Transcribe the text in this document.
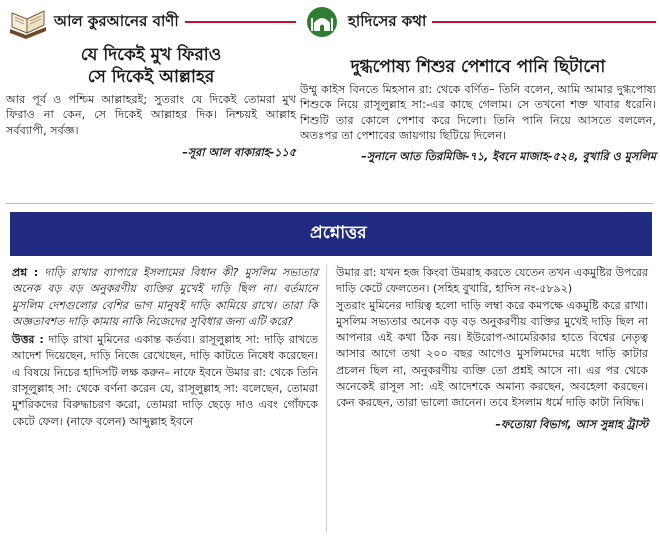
আল কুরআনের বাণী
যে দিকেই মুখ ফিরাও
সে দিকেই আল্লাহর

আর পূর্ব ও পশ্চিম আল্লাহরই; সুতরাং যে দিকেই তোমরা মুখ ফিরাও না কেন, সে দিকেই আল্লাহর দিক। নিশ্চয়ই আল্লাহ সর্বব্যাপী, সর্বজ্ঞ।

–সূরা আল বাকারাহ-১১৫

হাদিসের কথা
দুগ্ধপোষ্য শিশুর পেশাবে পানি ছিটানো

উম্মু কাইস বিনতে মিহসান রা: থেকে বর্ণিত– তিনি বলেন, আমি আমার দুগ্ধপোষ্য শিশুকে নিয়ে রাসূলুল্লাহ সা:-এর কাছে গেলাম। সে তখনো শক্ত খাবার ধরেনি। শিশুটি তার কোলে পেশাব করে দিলো। তিনি পানি নিয়ে আসতে বললেন, অতঃপর তা পেশাবের জায়গায় ছিটিয়ে দিলেন।

–সুনানে আত তিরমিজি-৭১, ইবনে মাজাহ-৫২৪, বুখারি ও মুসলিম

প্রশ্নোত্তর

প্রশ্ন : দাড়ি রাখার ব্যাপারে ইসলামের বিধান কী? মুসলিম সভ্যতার অনেক বড় বড় অনুকরণীয় ব্যক্তির মুখেই দাড়ি ছিল না। বর্তমানে মুসলিম দেশগুলোর বেশির ভাগ মানুষই দাড়ি কামিয়ে রাখে। তারা কি অজ্ঞতাবশত দাড়ি কামায় নাকি নিজেদের সুবিধার জন্য এটি করে?

উত্তর : দাড়ি রাখা মুমিনের একান্ত কর্তব্য। রাসূলুল্লাহ সা: দাড়ি রাখতে আদেশ দিয়েছেন, দাড়ি নিজে রেখেছেন, দাড়ি কাটতে নিষেধ করেছেন। এ বিষয়ে নিচের হাদিসটি লক্ষ করুন– নাফে ইবনে উমার রা: থেকে তিনি রাসূলুল্লাহ সা: থেকে বর্ণনা করেন যে, রাসূলুল্লাহ সা: বলেছেন, তোমরা মুশরিকদের বিরুদ্ধাচরণ করো, তোমরা দাড়ি ছেড়ে দাও এবং গোঁফকে কেটে ফেল। (নাফে বলেন) আব্দুল্লাহ ইবনে

উমার রা: যখন হজ কিংবা উমরাহ করতে যেতেন তখন একমুষ্টির উপরের দাড়ি কেটে ফেলতেন। (সহিহ বুখারি, হাদিস নং-৫৮৯২)

সুতরাং মুমিনের দায়িত্ব হলো দাড়ি লম্বা করে কমপক্ষে একমুষ্টি করে রাখা। মুসলিম সভ্যতার অনেক বড় বড় অনুকরণীয় ব্যক্তির মুখেই দাড়ি ছিল না আপনার এই কথা ঠিক নয়। ইউরোপ-আমেরিকার হাতে বিশ্বের নেতৃত্ব আসার আগে তথা ২০০ বছর আগেও মুসলিমদের মধ্যে দাড়ি কাটার প্রচলন ছিল না, অনুকরণীয় ব্যক্তি তো প্রশ্নই আসে না। এর পর থেকে অনেকেই রাসূল সা: এই আদেশকে অমান্য করছেন, অবহেলা করছেন। কেন করছেন, তারা ভালো জানেন। তবে ইসলাম ধর্মে দাড়ি কাটা নিষিদ্ধ।

–ফতোয়া বিভাগ, আস সুন্নাহ ট্রাস্ট
